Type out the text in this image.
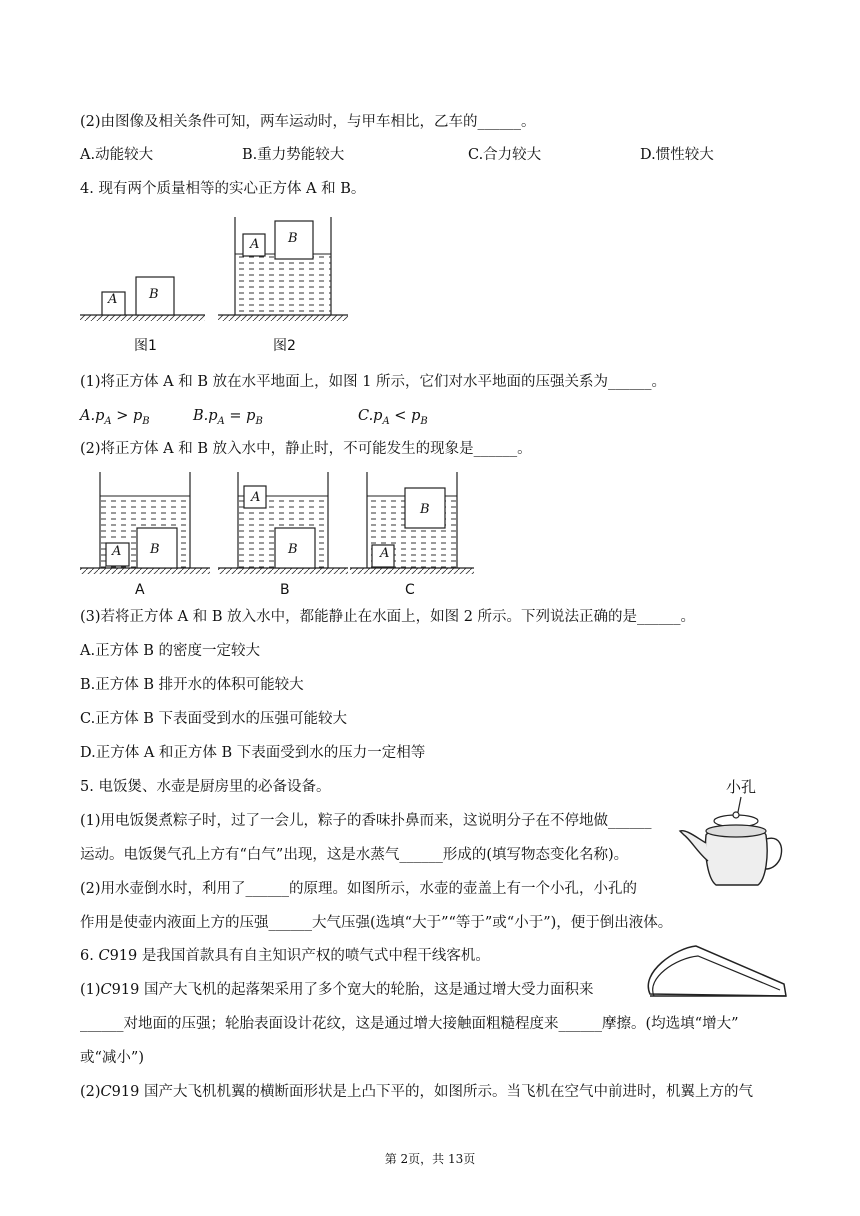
(2)由图像及相关条件可知，两车运动时，与甲车相比，乙车的______。
A.动能较大	B.重力势能较大	C.合力较大	D.惯性较大
4. 现有两个质量相等的实心正方体 A 和 B。
A B
图1
A B
图2
(1)将正方体 A 和 B 放在水平地面上，如图 1 所示，它们对水平地面的压强关系为______。
$A.p_A > p_B$	$B.p_A = p_B$	$C.p_A < p_B$
(2)将正方体 A 和 B 放入水中，静止时，不可能发生的现象是______。
A B
A
A
B
B
A
B
C
(3)若将正方体 A 和 B 放入水中，都能静止在水面上，如图 2 所示。下列说法正确的是______。
A.正方体 B 的密度一定较大
B.正方体 B 排开水的体积可能较大
C.正方体 B 下表面受到水的压强可能较大
D.正方体 A 和正方体 B 下表面受到水的压力一定相等
5. 电饭煲、水壶是厨房里的必备设备。
(1)用电饭煲煮粽子时，过了一会儿，粽子的香味扑鼻而来，这说明分子在不停地做______
运动。电饭煲气孔上方有“白气”出现，这是水蒸气______形成的(填写物态变化名称)。
(2)用水壶倒水时，利用了______的原理。如图所示，水壶的壶盖上有一个小孔，小孔的
作用是使壶内液面上方的压强______大气压强(选填“大于”“等于”或“小于”)，便于倒出液体。
小孔
6. C919 是我国首款具有自主知识产权的喷气式中程干线客机。
(1)C919 国产大飞机的起落架采用了多个宽大的轮胎，这是通过增大受力面积来
______对地面的压强；轮胎表面设计花纹，这是通过增大接触面粗糙程度来______摩擦。(均选填“增大”
或“减小”)
(2)C919 国产大飞机机翼的横断面形状是上凸下平的，如图所示。当飞机在空气中前进时，机翼上方的气
第 2页，共 13页
